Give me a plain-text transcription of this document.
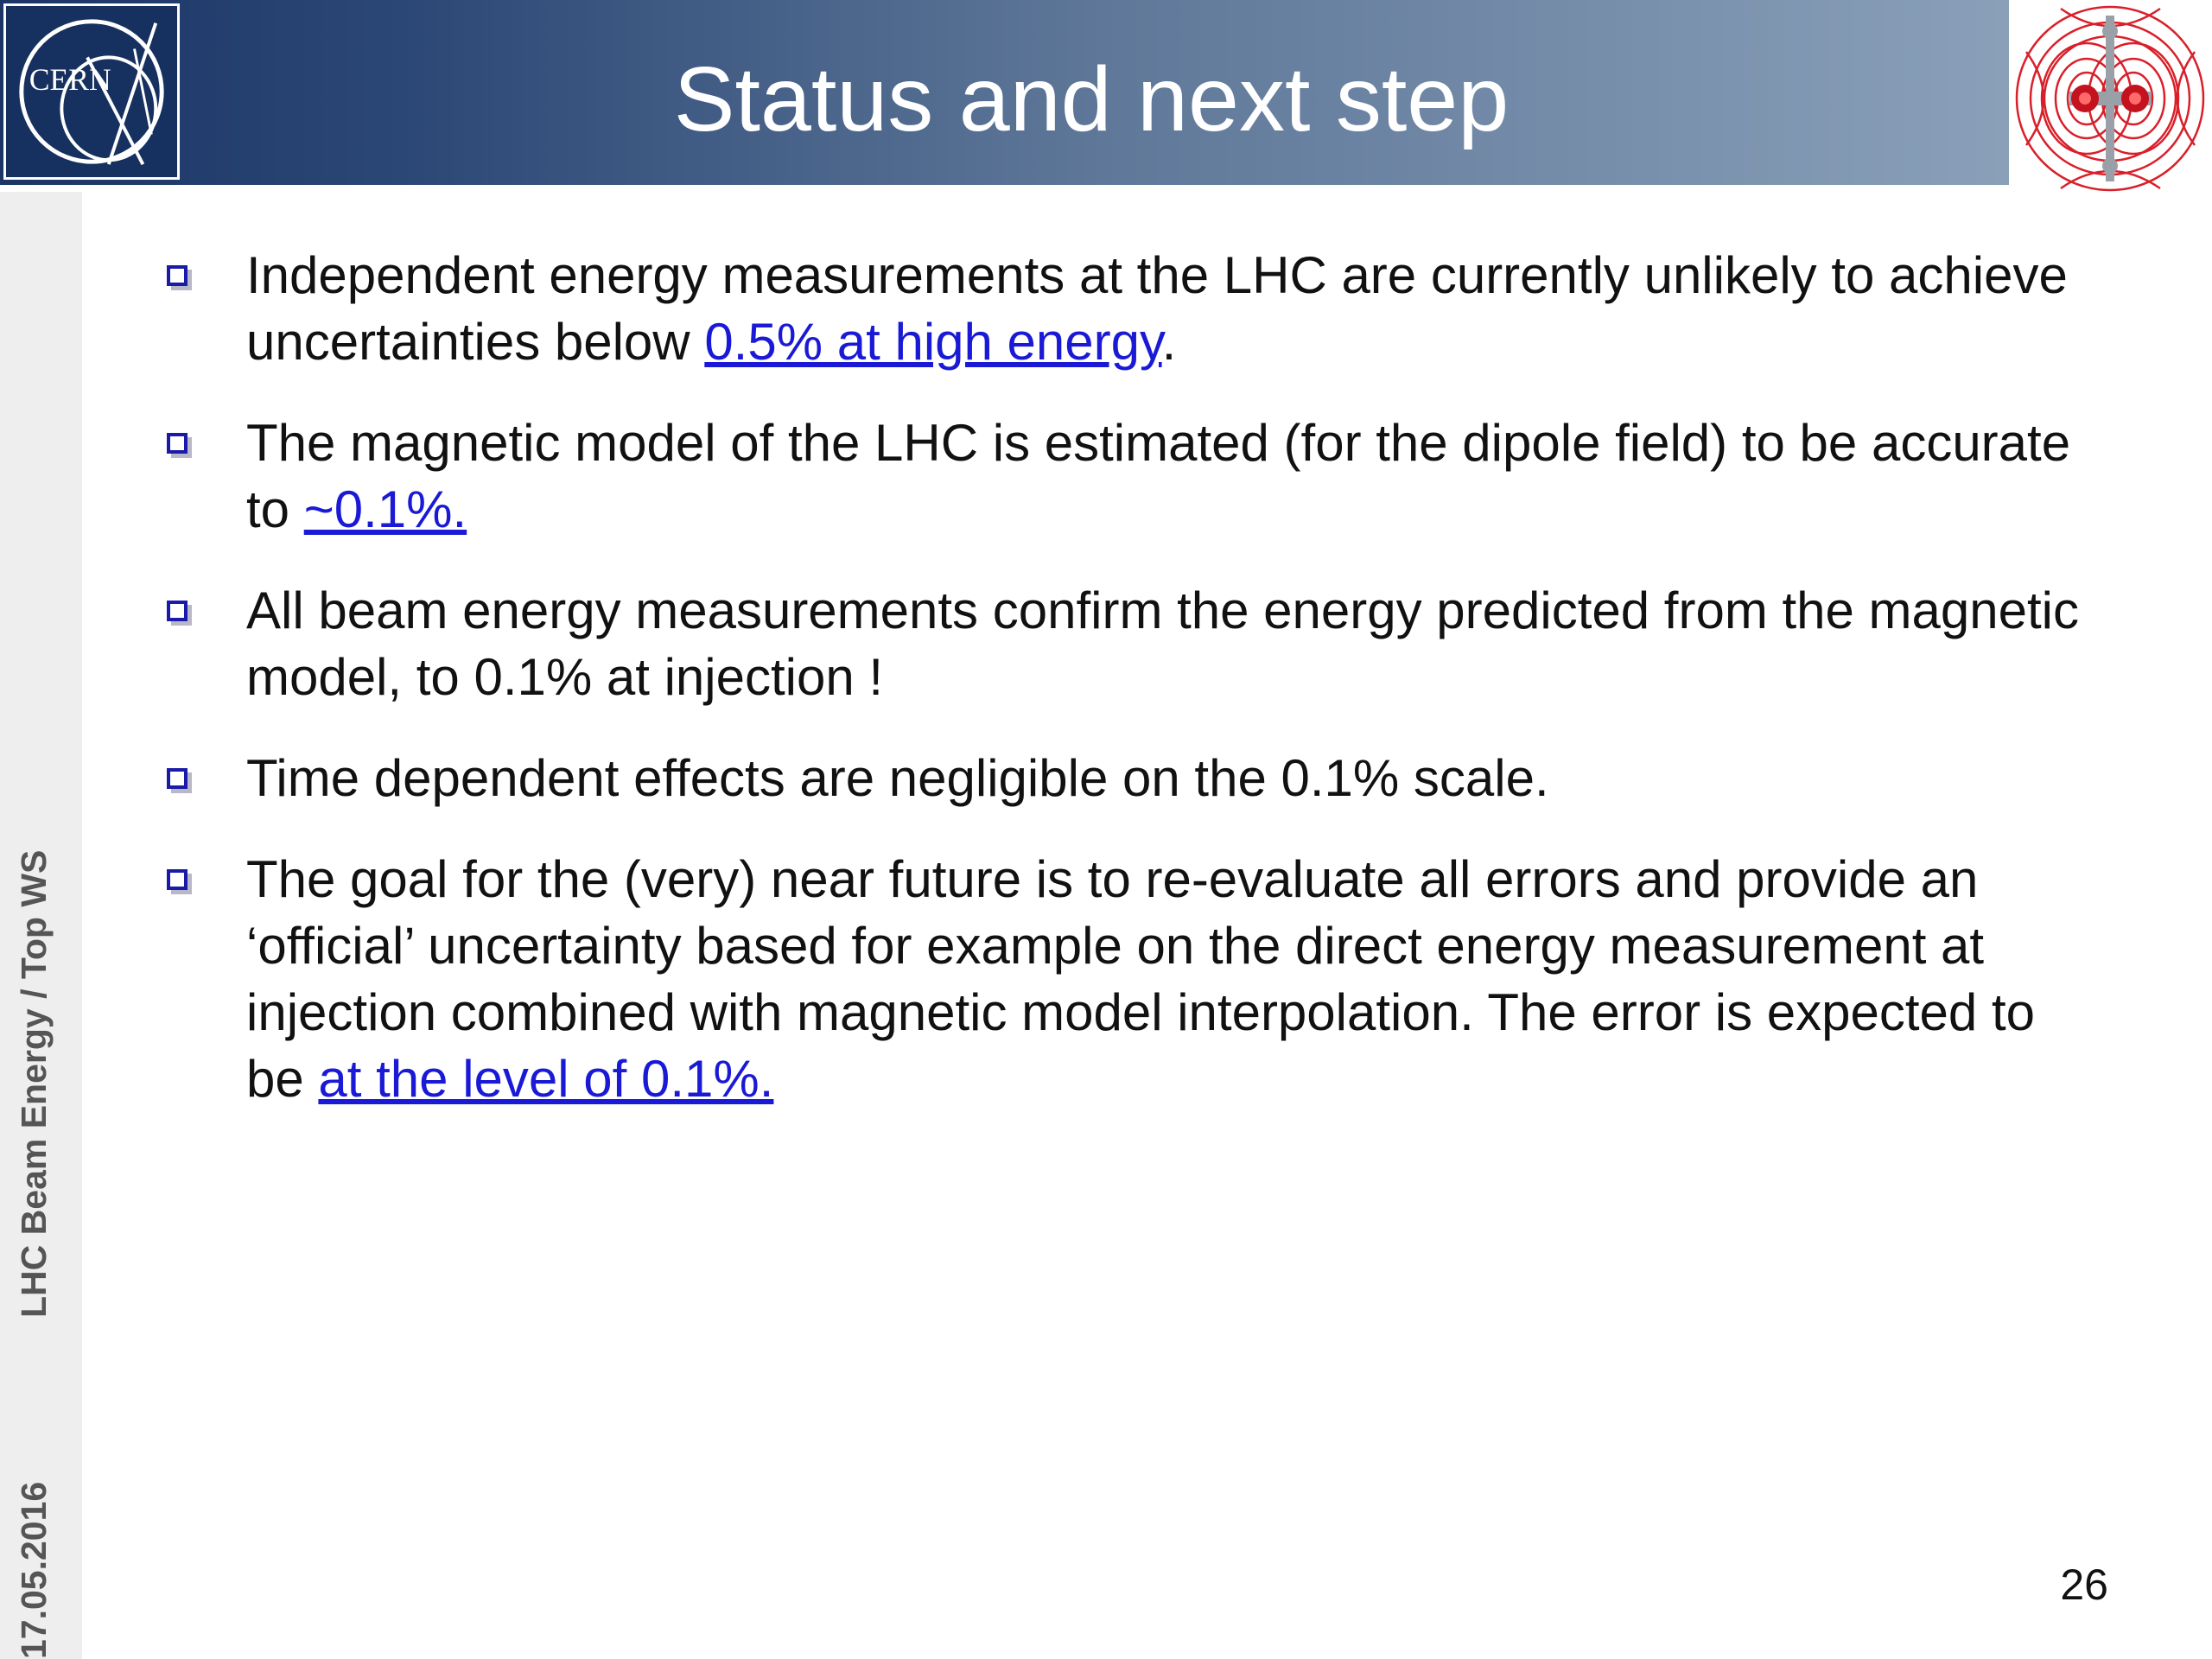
CERN	Status and next step
17.05.2016
LHC Beam Energy / Top WS
Independent energy measurements at the LHC are currently unlikely to achieve uncertainties below 0.5% at high energy.
The magnetic model of the LHC is estimated (for the dipole field) to be accurate to ~0.1%.
All beam energy measurements confirm the energy predicted from the magnetic model, to 0.1% at injection !
Time dependent effects are negligible on the 0.1% scale.
The goal for the (very) near future is to re-evaluate all errors and provide an ‘official’ uncertainty based for example on the direct energy measurement at injection combined with magnetic model interpolation. The error is expected to be at the level of 0.1%.
26
